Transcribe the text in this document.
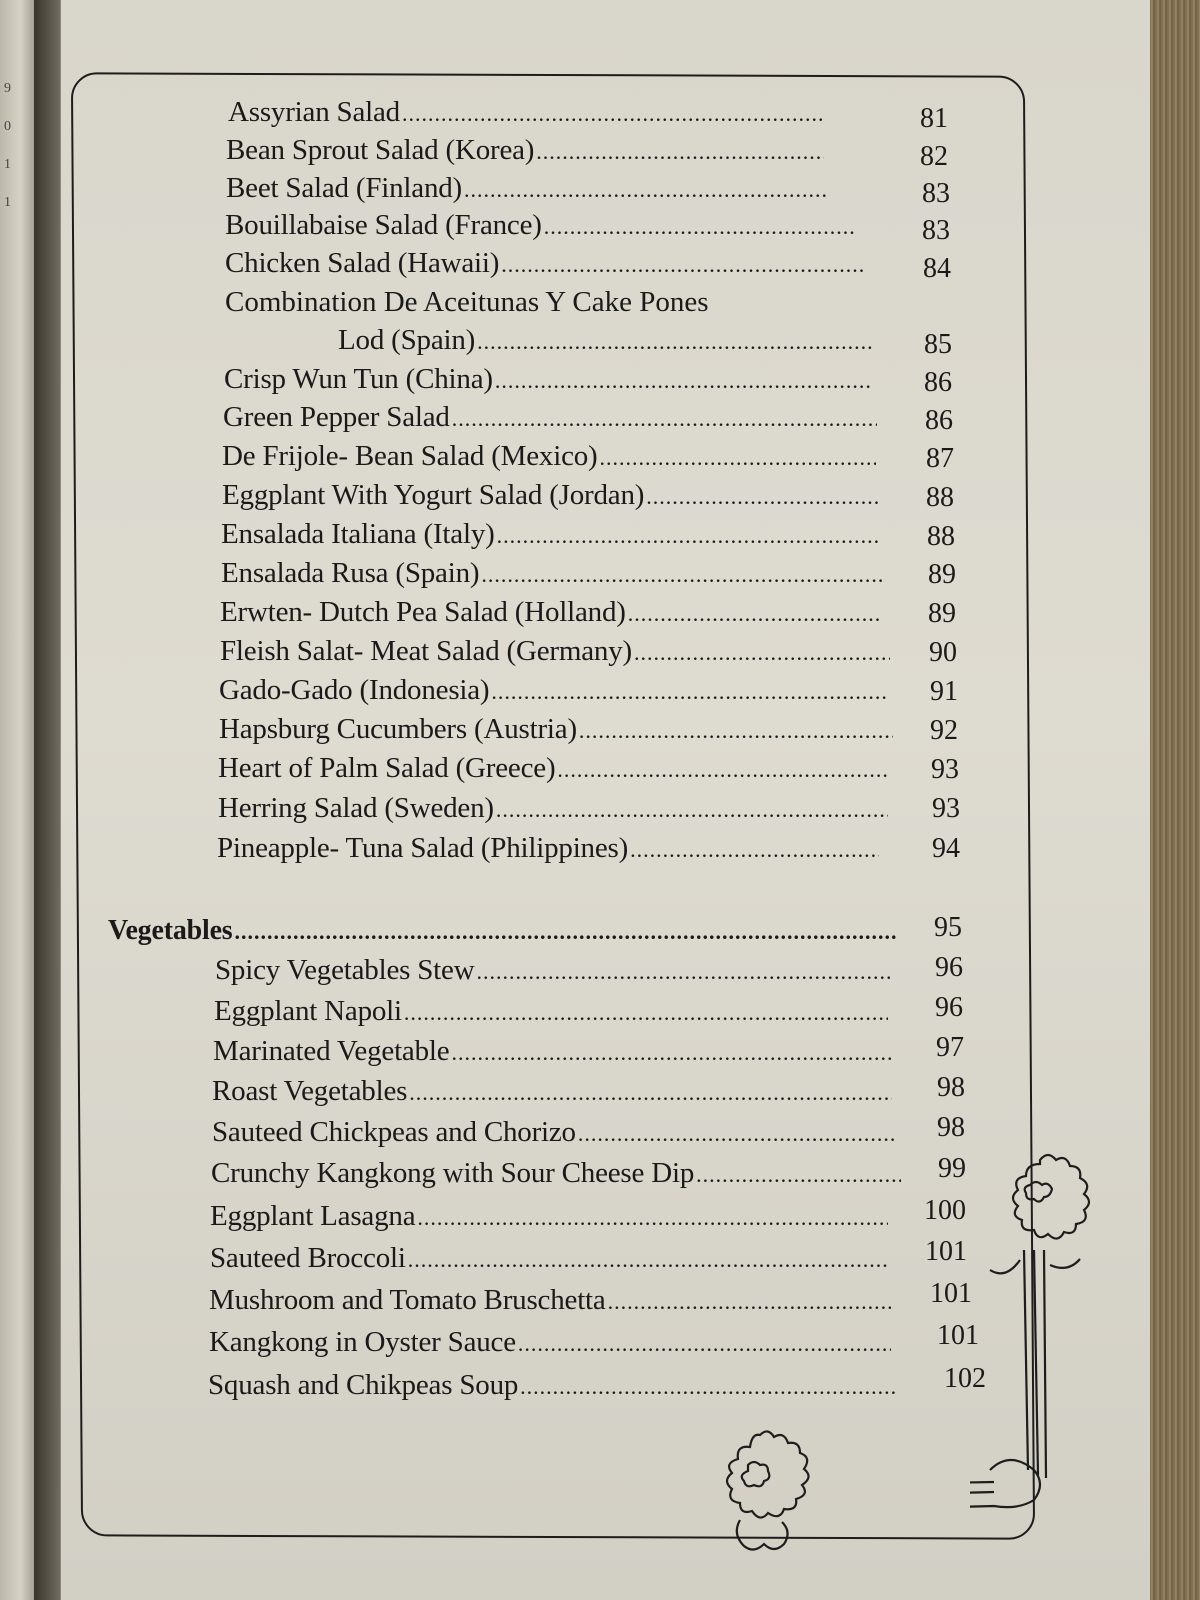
9
0
1
1
Assyrian Salad .....	81
Bean Sprout Salad (Korea) .....	82
Beet Salad (Finland) .....	83
Bouillabaise Salad (France) .....	83
Chicken Salad (Hawaii) .....	84
Combination De Aceitunas Y Cake Pones
Lod (Spain) .....	85
Crisp Wun Tun (China) .....	86
Green Pepper Salad .....	86
De Frijole- Bean Salad (Mexico) .....	87
Eggplant With Yogurt Salad (Jordan) .....	88
Ensalada Italiana (Italy) .....	88
Ensalada Rusa (Spain) .....	89
Erwten- Dutch Pea Salad (Holland) .....	89
Fleish Salat- Meat Salad (Germany) .....	90
Gado-Gado (Indonesia) .....	91
Hapsburg Cucumbers (Austria) .....	92
Heart of Palm Salad (Greece) .....	93
Herring Salad (Sweden) .....	93
Pineapple- Tuna Salad (Philippines) .....	94
Vegetables .....	95
Spicy Vegetables Stew .....	96
Eggplant Napoli .....	96
Marinated Vegetable .....	97
Roast Vegetables .....	98
Sauteed Chickpeas and Chorizo .....	98
Crunchy Kangkong with Sour Cheese Dip .....	99
Eggplant Lasagna .....	100
Sauteed Broccoli .....	101
Mushroom and Tomato Bruschetta .....	101
Kangkong in Oyster Sauce .....	101
Squash and Chikpeas Soup .....	102
